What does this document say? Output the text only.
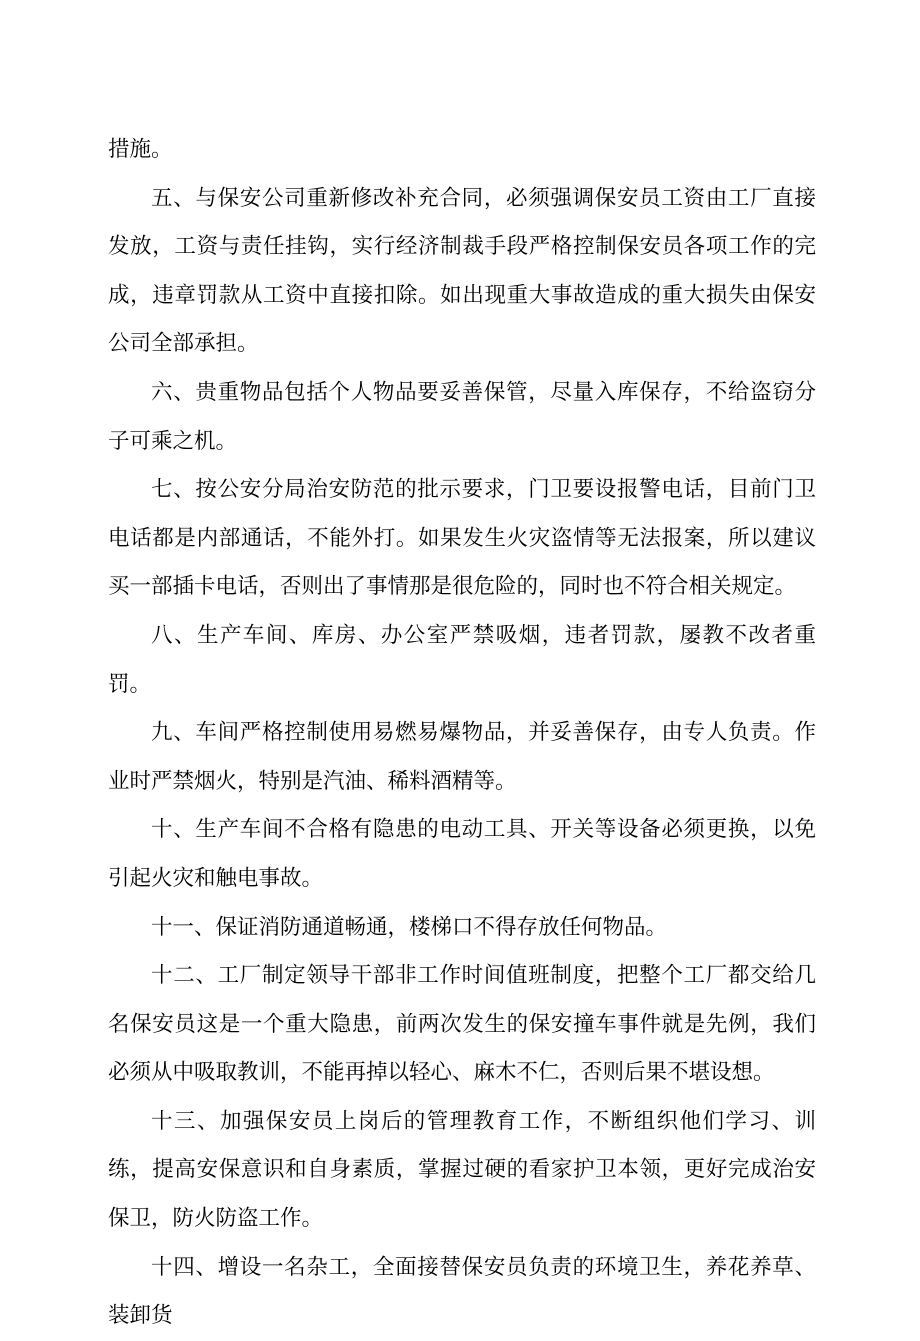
措施。

五、与保安公司重新修改补充合同，必须强调保安员工资由工厂直接发放，工资与责任挂钩，实行经济制裁手段严格控制保安员各项工作的完成，违章罚款从工资中直接扣除。如出现重大事故造成的重大损失由保安公司全部承担。

六、贵重物品包括个人物品要妥善保管，尽量入库保存，不给盗窃分子可乘之机。

七、按公安分局治安防范的批示要求，门卫要设报警电话，目前门卫电话都是内部通话，不能外打。如果发生火灾盗情等无法报案，所以建议买一部插卡电话，否则出了事情那是很危险的，同时也不符合相关规定。

八、生产车间、库房、办公室严禁吸烟，违者罚款，屡教不改者重罚。

九、车间严格控制使用易燃易爆物品，并妥善保存，由专人负责。作业时严禁烟火，特别是汽油、稀料酒精等。

十、生产车间不合格有隐患的电动工具、开关等设备必须更换，以免引起火灾和触电事故。

十一、保证消防通道畅通，楼梯口不得存放任何物品。

十二、工厂制定领导干部非工作时间值班制度，把整个工厂都交给几名保安员这是一个重大隐患，前两次发生的保安撞车事件就是先例，我们必须从中吸取教训，不能再掉以轻心、麻木不仁，否则后果不堪设想。

十三、加强保安员上岗后的管理教育工作，不断组织他们学习、训练，提高安保意识和自身素质，掌握过硬的看家护卫本领，更好完成治安保卫，防火防盗工作。

十四、增设一名杂工，全面接替保安员负责的环境卫生，养花养草、装卸货
